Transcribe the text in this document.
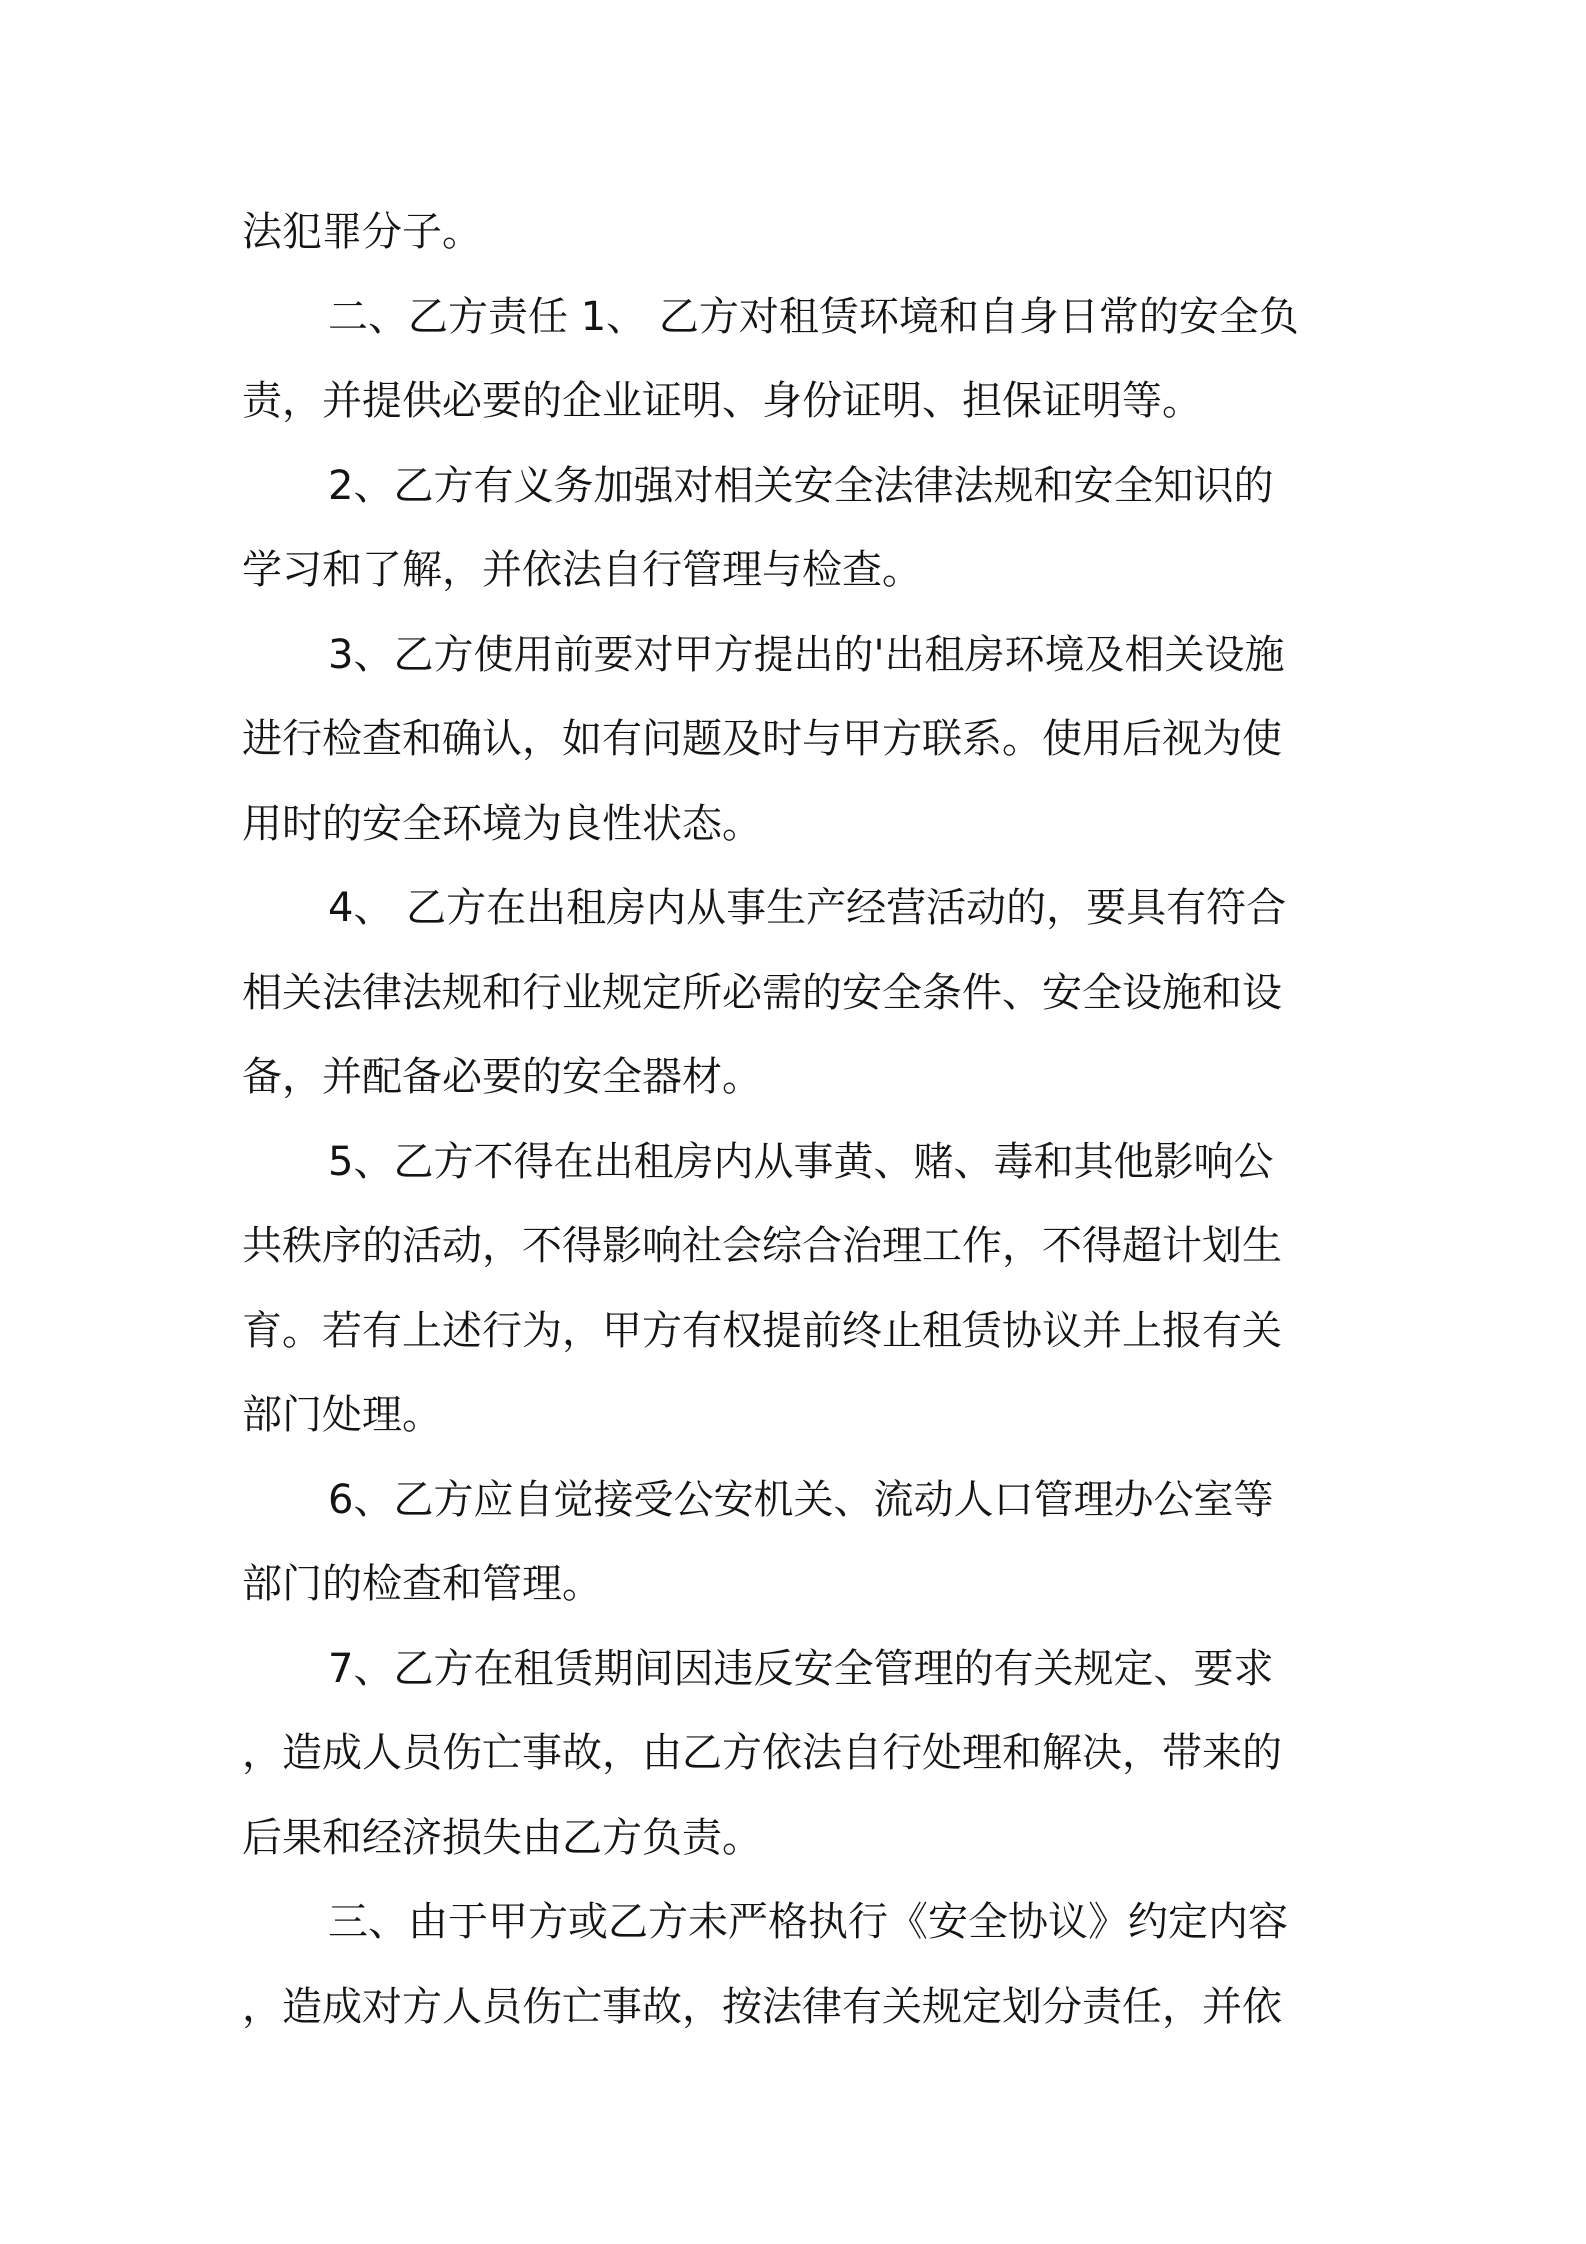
法犯罪分子。
二、乙方责任 1、 乙方对租赁环境和自身日常的安全负
责，并提供必要的企业证明、身份证明、担保证明等。
2、乙方有义务加强对相关安全法律法规和安全知识的
学习和了解，并依法自行管理与检查。
3、乙方使用前要对甲方提出的'出租房环境及相关设施
进行检查和确认，如有问题及时与甲方联系。使用后视为使
用时的安全环境为良性状态。
4、 乙方在出租房内从事生产经营活动的，要具有符合
相关法律法规和行业规定所必需的安全条件、安全设施和设
备，并配备必要的安全器材。
5、乙方不得在出租房内从事黄、赌、毒和其他影响公
共秩序的活动，不得影响社会综合治理工作，不得超计划生
育。若有上述行为，甲方有权提前终止租赁协议并上报有关
部门处理。
6、乙方应自觉接受公安机关、流动人口管理办公室等
部门的检查和管理。
7、乙方在租赁期间因违反安全管理的有关规定、要求
，造成人员伤亡事故，由乙方依法自行处理和解决，带来的
后果和经济损失由乙方负责。
三、由于甲方或乙方未严格执行《安全协议》约定内容
，造成对方人员伤亡事故，按法律有关规定划分责任，并依
